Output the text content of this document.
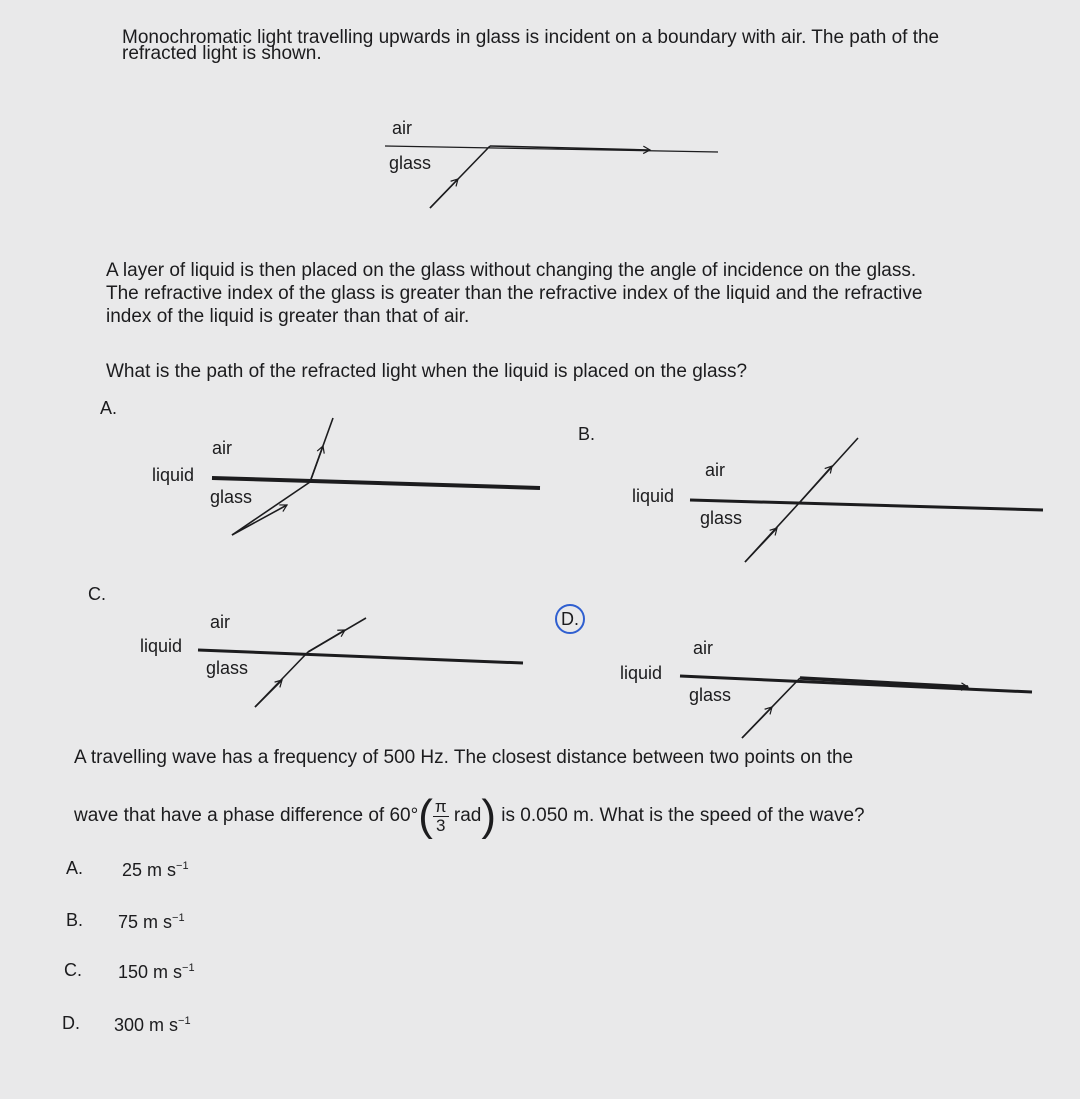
Monochromatic light travelling upwards in glass is incident on a boundary with air. The path of the

refracted light is shown.

air
glass

A layer of liquid is then placed on the glass without changing the angle of incidence on the glass.

The refractive index of the glass is greater than the refractive index of the liquid and the refractive

index of the liquid is greater than that of air.

What is the path of the refracted light when the liquid is placed on the glass?

A.
air
liquid
glass
B.
air
liquid
glass
C.
air
liquid
glass
D.
air
liquid
glass

A travelling wave has a frequency of 500 Hz. The closest distance between two points on the

wave that have a phase difference of $60^\circ( \frac{\pi}{3} rad)$ is 0.050 m. What is the speed of the wave?
A. 25 m $s^{-1}$
B. 75 m $s^{-1}$
C. 150 m $s^{-1}$
D. 300 m $s^{-1}$
